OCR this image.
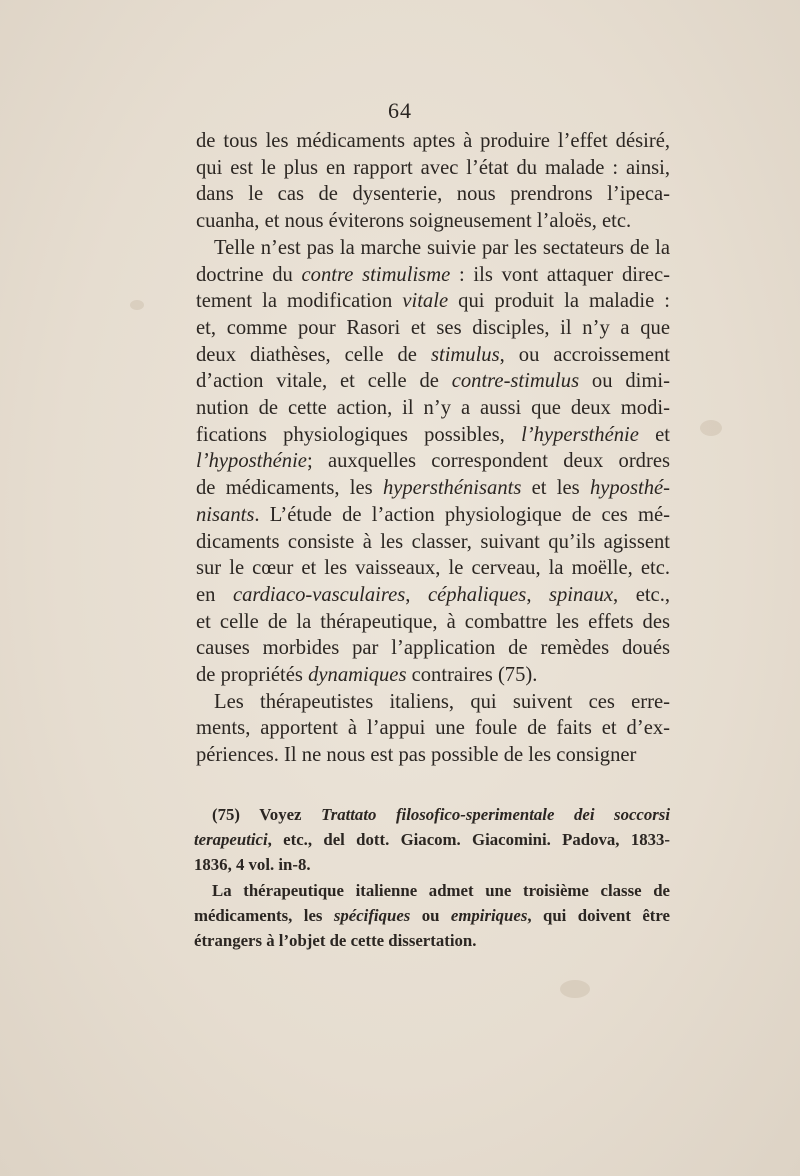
64
de tous les médicaments aptes à produire l’effet désiré,
qui est le plus en rapport avec l’état du malade : ainsi,
dans le cas de dysenterie, nous prendrons l’ipeca-
cuanha, et nous éviterons soigneusement l’aloës, etc.
Telle n’est pas la marche suivie par les sectateurs de la
doctrine du contre stimulisme : ils vont attaquer direc-
tement la modification vitale qui produit la maladie :
et, comme pour Rasori et ses disciples, il n’y a que
deux diathèses, celle de stimulus, ou accroissement
d’action vitale, et celle de contre-stimulus ou dimi-
nution de cette action, il n’y a aussi que deux modi-
fications physiologiques possibles, l’hypersthénie et
l’hyposthénie; auxquelles correspondent deux ordres
de médicaments, les hypersthénisants et les hyposthé-
nisants. L’étude de l’action physiologique de ces mé-
dicaments consiste à les classer, suivant qu’ils agissent
sur le cœur et les vaisseaux, le cerveau, la moëlle, etc.
en cardiaco-vasculaires, céphaliques, spinaux, etc.,
et celle de la thérapeutique, à combattre les effets des
causes morbides par l’application de remèdes doués
de propriétés dynamiques contraires (75).
Les thérapeutistes italiens, qui suivent ces erre-
ments, apportent à l’appui une foule de faits et d’ex-
périences. Il ne nous est pas possible de les consigner
(75) Voyez Trattato filosofico-sperimentale dei soccorsi
terapeutici, etc., del dott. Giacom. Giacomini. Padova, 1833-
1836, 4 vol. in-8.
La thérapeutique italienne admet une troisième classe de
médicaments, les spécifiques ou empiriques, qui doivent être
étrangers à l’objet de cette dissertation.
